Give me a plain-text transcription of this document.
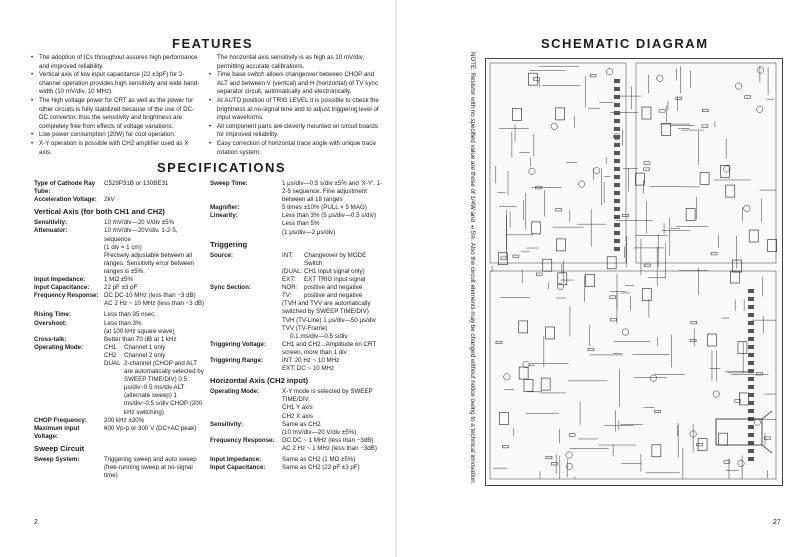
FEATURES
• The adoption of ICs throughout assures high performance and improved reliability.
• Vertical axis of low input capacitance (22 ±3pF) for 2-channel operation provides high sensitivity and wide band-width (10 mV/div, 10 MHz).
• The high voltage power for CRT as well as the power for other circuits is fully stabilized because of the use of DC-DC convertor, thus the sensitivity and brightness are completely free from effects of voltage variations.
• Low power consumption (20W) for cool operation.
• X-Y operation is possible with CH2 amplifier used as X axis.
The horizontal axis sensitivity is as high as 10 mV/div, permitting accurate calibrations.
• Time base switch allows changeover between CHOP and ALT and between V (vertical) and H (horizontal) of TV sync separator circuit, automatically and electronically.
• At AUTO position of TRIG LEVEL it is possible to check the brightness at no-signal time and to adjust triggering level of input waveforms.
• All component parts are cleverly mounted on circuit boards for improved reliability.
• Easy correction of horizontal trace angle with unique trace rotation system.
SPECIFICATIONS
Type of Cathode Ray Tube:
C529P31B or 130BE31
Acceleration Voltage:	2kV
Vertical Axis (for both CH1 and CH2)
Sensitivity:	10 mV/div—20 V/div ±5%
Attenuator:	10 mV/div—20V/div. 1-2-5, sequence
(1 div = 1 cm)
Precisely adjustable between all ranges. Sensitivity error between ranges is ±5%.
Input Impedance:	1 MΩ ±5%
Input Capacitance:	22 pF ±3 pF
Frequency Response: DC DC-10 MHz (less than −3 dB)
AC 2 Hz ~ 10 MHz (less than −3 dB)
Rising Time:	Less than 35 nsec.
Overshoot:	Less than 3%
(at 100 kHz square wave)
Cross-talk:	Better than 70 dB at 1 kHz
Operating Mode:	CH1	Channel 1 only
CH2	Channel 2 only
DUAL 2-channel (CHOP and ALT are automatically selected by SWEEP TIME/DIV) 0.5 μs/div~0.5 ms/div ALT (alternate sweep) 1 ms/div~0.5 s/div CHOP (200 kHz switching)
CHOP Frequency:	200 kHz ±20%
Maximum input Voltage:
600 Vp-p or 300 V (DC+AC peak)
Sweep Circuit
Sweep System:	Triggering sweep and auto sweep (free-running sweep at no-signal time)
Sweep Time:	1 μs/div—0.5 s/div ±5% and 'X-Y'. 1-2-5 sequence. Fine adjustment between all 18 ranges
Magnifier:	5 times ±10% (PULL × 5 MAG)
Linearity:	Less than 3% (5 μs/div—0.5 s/div)
Less than 5%
(1 μs/div—2 μs/div)
Triggering
Source:	INT:	Changeover by MODE Switch
(DUAL: CH1 input signal only)
EXT:	EXT TRIG input signal
Sync Section:	NOR:	positive and negative
TV:	positive and negative
(TVH and TVV are automatically switched by SWEEP TIME/DIV)
TVH (TV-Line) 1 μs/div—50 μs/div
TVV (TV-Frame)
0.1 ms/div—0.5 s/div
Triggering Voltage:	CH1 and CH2...Amplitude on CRT screen, more than 1 div
Triggering Range:	INT: 20 Hz ~ 10 MHz
EXT: DC ~ 10 MHz
Horizontal Axis (CH2 input)
Operating Mode:	X-Y mode is selected by SWEEP TIME/DIV.
CH1 Y axis
CH2 X axis
Sensitivity:	Same as CH2
(10 mV/div—20 V/div ±5%)
Frequency Response:	DC DC ~ 1 MHz (less than −3dB)
AC 2 Hz ~ 1 MHz (less than −3dB)
Input Impedance:	Same as CH2 (1 MΩ ±5%)
Input Capacitance:	Same as CH2 (22 pF ±3 pF)
2
SCHEMATIC DIAGRAM
NOTE: Resistor with no specified value are those of 1/4W and ±5%. Also the circuit elements may be changed without notice owing to a technical innovation.
27
